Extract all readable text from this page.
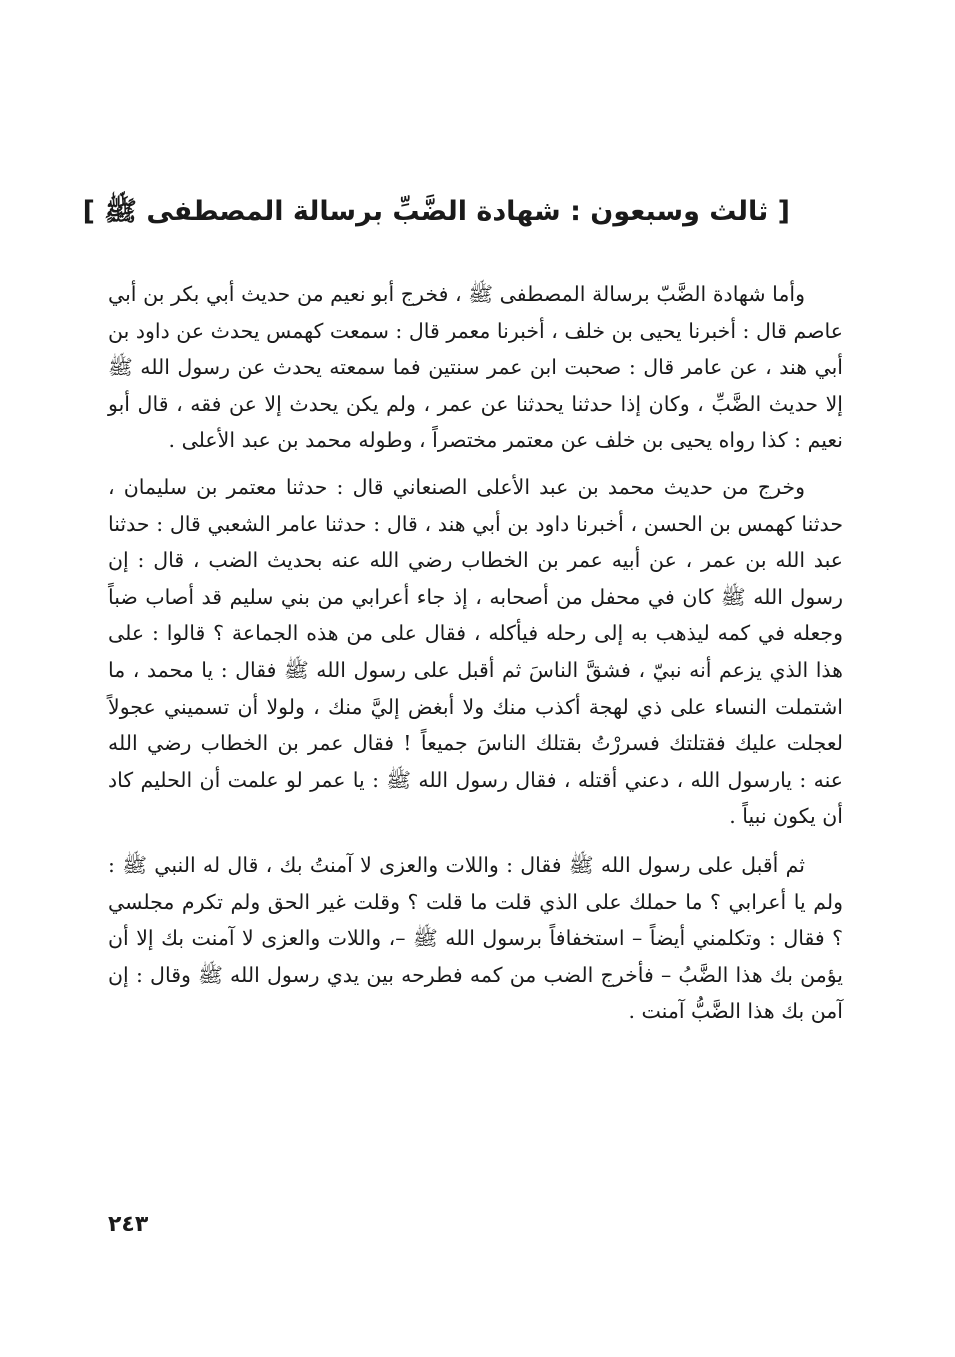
[ ثالث وسبعون : شهادة الضَّبِّ برسالة المصطفى ﷺ ]

وأما شهادة الضَّبّ برسالة المصطفى ﷺ ، فخرج أبو نعيم من حديث أبي بكر بن أبي عاصم قال : أخبرنا يحيى بن خلف ، أخبرنا معمر قال : سمعت كهمس يحدث عن داود بن أبي هند ، عن عامر قال : صحبت ابن عمر سنتين فما سمعته يحدث عن رسول الله ﷺ إلا حديث الضَّبِّ ، وكان إذا حدثنا يحدثنا عن عمر ، ولم يكن يحدث إلا عن فقه ، قال أبو نعيم : كذا رواه يحيى بن خلف عن معتمر مختصراً ، وطوله محمد بن عبد الأعلى .

وخرج من حديث محمد بن عبد الأعلى الصنعاني قال : حدثنا معتمر بن سليمان ، حدثنا كهمس بن الحسن ، أخبرنا داود بن أبي هند ، قال : حدثنا عامر الشعبي قال : حدثنا عبد الله بن عمر ، عن أبيه عمر بن الخطاب رضي الله عنه بحديث الضب ، قال : إن رسول الله ﷺ كان في محفل من أصحابه ، إذ جاء أعرابي من بني سليم قد أصاب ضباً وجعله في كمه ليذهب به إلى رحله فيأكله ، فقال على من هذه الجماعة ؟ قالوا : على هذا الذي يزعم أنه نبيّ ، فشقَّ الناسَ ثم أقبل على رسول الله ﷺ فقال : يا محمد ، ما اشتملت النساء على ذي لهجة أكذب منك ولا أبغض إليَّ منك ، ولولا أن تسميني عجولاً لعجلت عليك فقتلتك فسررْتُ بقتلك الناسَ جميعاً ! فقال عمر بن الخطاب رضي الله عنه : يارسول الله ، دعني أقتله ، فقال رسول الله ﷺ : يا عمر لو علمت أن الحليم كاد أن يكون نبياً .

ثم أقبل على رسول الله ﷺ فقال : واللات والعزى لا آمنتُ بك ، قال له النبي ﷺ : ولم يا أعرابي ؟ ما حملك على الذي قلت ما قلت ؟ وقلت غير الحق ولم تكرم مجلسي ؟ فقال : وتكلمني أيضاً – استخفافاً برسول الله ﷺ –، واللات والعزى لا آمنت بك إلا أن يؤمن بك هذا الضَّبُ – فأخرج الضب من كمه فطرحه بين يدي رسول الله ﷺ وقال : إن آمن بك هذا الضَّبُّ آمنت .

٢٤٣
